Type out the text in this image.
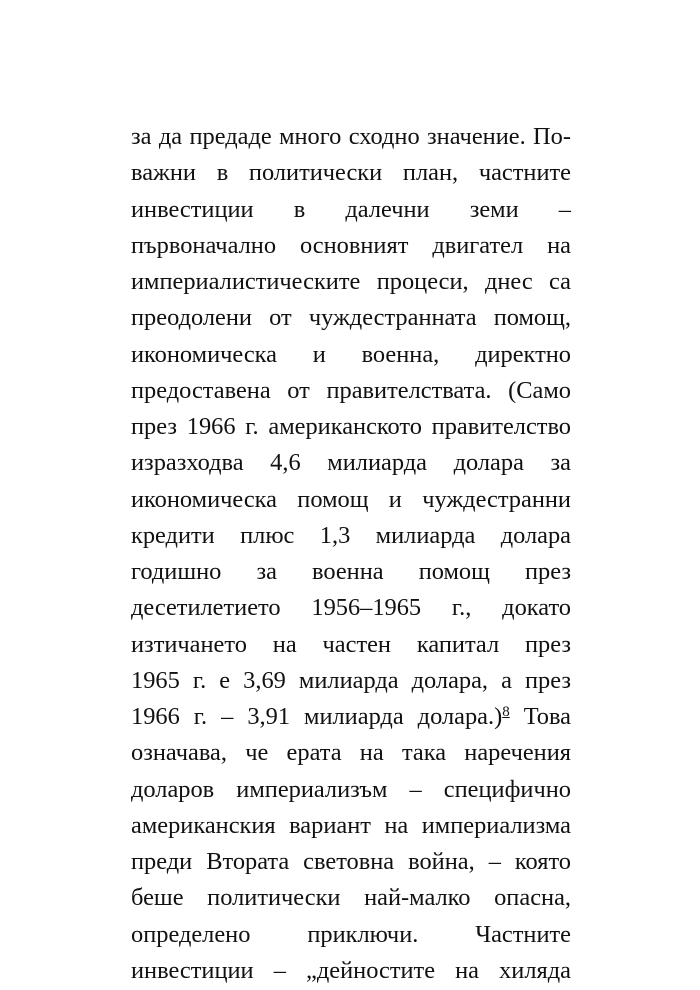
за да предаде много сходно значение. По-
важни в политически план, частните
инвестиции в далечни земи –
първоначално основният двигател на
империалистическите процеси, днес са
преодолени от чуждестранната помощ,
икономическа и военна, директно
предоставена от правителствата. (Само
през 1966 г. американското правителство
изразходва 4,6 милиарда долара за
икономическа помощ и чуждестранни
кредити плюс 1,3 милиарда долара
годишно за военна помощ през
десетилетието 1956–1965 г., докато
изтичането на частен капитал през
1965 г. е 3,69 милиарда долара, а през
1966 г. – 3,91 милиарда долара.)$^8$ Това
означава, че ерата на така наречения
доларов империализъм – специфично
американския вариант на империализма
преди Втората световна война, – която
беше политически най-малко опасна,
определено приключи. Частните
инвестиции – „дейностите на хиляда
